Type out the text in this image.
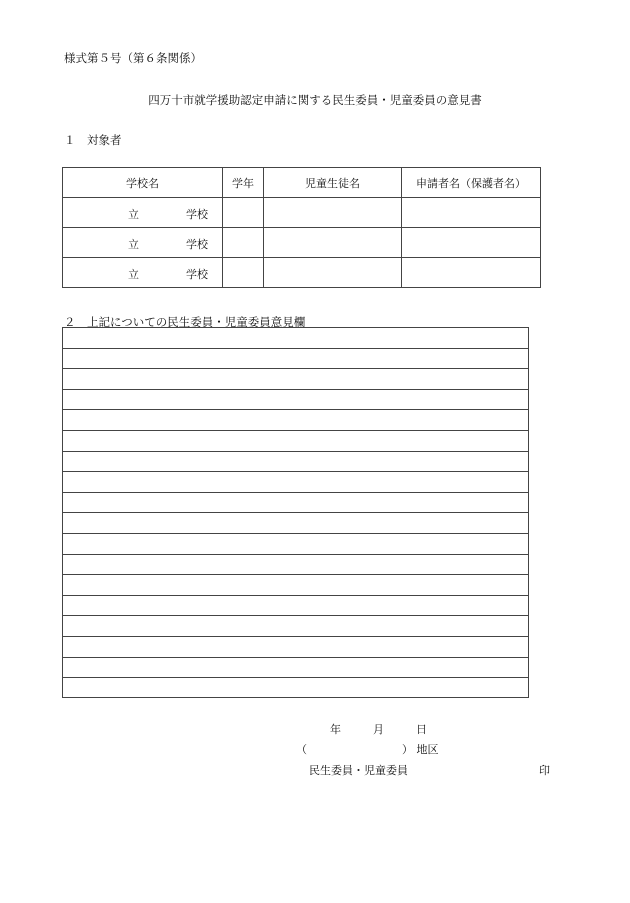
様式第５号（第６条関係）
四万十市就学援助認定申請に関する民生委員・児童委員の意見書
１　対象者
学校名	学年	児童生徒名	申請者名（保護者名）

立 学校			

立 学校			

立 学校			

２　上記についての民生委員・児童委員意見欄
年	月	日
（	） 地区
民生委員・児童委員	印
